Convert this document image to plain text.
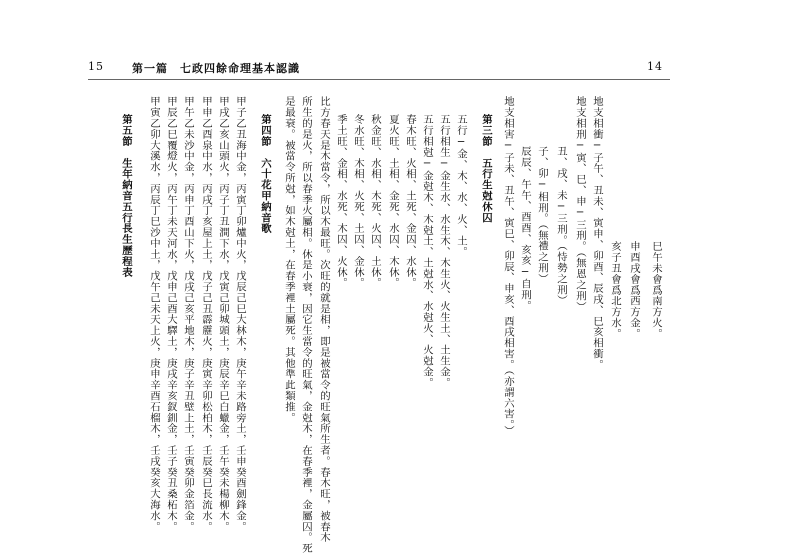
15	第一篇　七政四餘命理基本認識	14
巳午未會爲南方火。
申酉戌會爲西方金。
亥子丑會爲北方水。
地支相衝─子午、丑未、寅申、卯酉、辰戌、巳亥相衝。
地支相刑─寅、巳、申─三刑。（無恩之刑）
丑、戌、未─三刑。（恃勢之刑）
子、卯─相刑。（無禮之刑）
辰辰、午午、酉酉、亥亥─自刑。
地支相害─子未、丑午、寅巳、卯辰、申亥、酉戌相害。（亦謂六害。）
第三節　五行生尅休囚
五行─金、木、水、火、土。
五行相生─金生水、水生木、木生火、火生土、土生金。
五行相尅─金尅木、木尅土、土尅水、水尅火、火尅金。
春木旺、火相、土死、金囚、水休。
夏火旺、土相、金死、水囚、木休。
秋金旺、水相、木死、火囚、土休。
冬水旺、木相、火死、土囚、金休。
季土旺、金相、水死、木囚、火休。
比方春天是木當令，所以木最旺。次旺的就是相，即是被當令的旺氣所生者。春木旺，被春木
所生的是火，所以春季火屬相。休是小衰，因它生當令的旺氣，金尅木，在春季裡，金屬囚。死
是最衰。被當令所尅，如木尅土，在春季裡土屬死。其他準此類推。
第四節　六十花甲納音歌
甲子乙丑海中金，丙寅丁卯爐中火，戊辰己巳大林木，庚午辛未路旁土，壬申癸酉劍鋒金。
甲戌乙亥山頭火，丙子丁丑澗下水，戊寅己卯城頭土，庚辰辛巳白蠟金，壬午癸未楊柳木。
甲申乙酉泉中水，丙戌丁亥屋上土，戊子己丑霹靂火，庚寅辛卯松柏木，壬辰癸巳長流水。
甲午乙未沙中金，丙申丁酉山下火，戊戌己亥平地木，庚子辛丑壁上土，壬寅癸卯金箔金。
甲辰乙巳覆燈火，丙午丁未天河水，戊申己酉大驛土，庚戌辛亥釵釧金，壬子癸丑桑柘木。
甲寅乙卯大溪水，丙辰丁巳沙中土，戊午己未天上火，庚申辛酉石榴木，壬戌癸亥大海水。
第五節　生年納音五行長生歷程表
